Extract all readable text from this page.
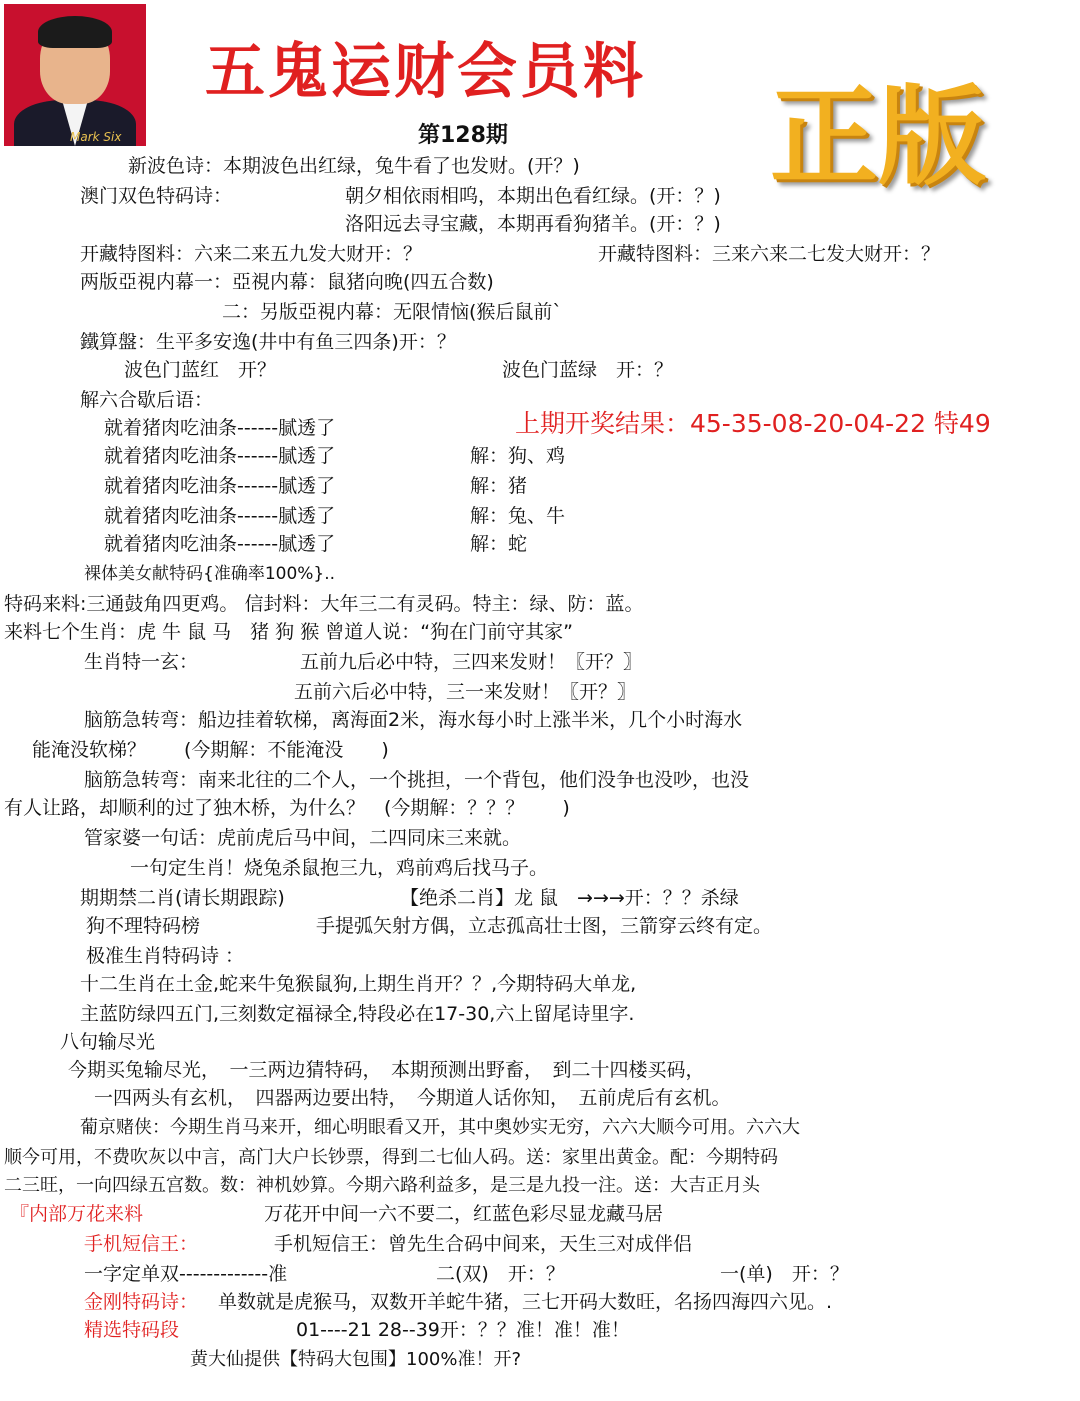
Mark Six
五鬼运财会员料
第128期 正版
上期开奖结果：45-35-08-20-04-22 特49
新波色诗：本期波色出红绿，兔牛看了也发财。(开？)
澳门双色特码诗：	朝夕相依雨相呜，本期出色看红绿。(开：？)
洛阳远去寻宝藏，本期再看狗猪羊。(开：？)
开藏特图料：六来二来五九发大财开：？	开藏特图料：三来六来二七发大财开：？
两版亞視内幕一：亞視内幕：鼠猪向晚(四五合数)
二：另版亞視内幕：无限情恼(猴后鼠前`
鐵算盤：生平多安逸(井中有鱼三四条)开：？
波色门蓝红　开？	波色门蓝绿　开：？
解六合歇后语：
就着猪肉吃油条------腻透了
就着猪肉吃油条------腻透了	解：狗、鸡
就着猪肉吃油条------腻透了	解：猪
就着猪肉吃油条------腻透了	解：兔、牛
就着猪肉吃油条------腻透了	解：蛇
裸体美女献特码{准确率100%}..
特码来料:三通鼓角四更鸡。 信封料：大年三二有灵码。特主：绿、防：蓝。
来料七个生肖：虎 牛 鼠 马　猪 狗 猴 曾道人说：“狗在门前守其家”
生肖特一玄：	五前九后必中特，三四来发财！〖开？〗
五前六后必中特，三一来发财！〖开？〗
脑筋急转弯：船边挂着软梯，离海面2米，海水每小时上涨半米，几个小时海水
能淹没软梯？　　(今期解：不能淹没　　)
脑筋急转弯：南来北往的二个人，一个挑担，一个背包，他们没争也没吵，也没
有人让路，却顺利的过了独木桥，为什么？　(今期解：？？？　　)
管家婆一句话：虎前虎后马中间，二四同床三来就。
一句定生肖！烧兔杀鼠抱三九，鸡前鸡后找马子。
期期禁二肖(请长期跟踪)	【绝杀二肖】龙 鼠　→→→开：？？杀绿
狗不理特码榜	手提弧矢射方偶，立志孤高壮士图，三箭穿云终有定。
极准生肖特码诗 ：
十二生肖在土金,蛇来牛兔猴鼠狗,上期生肖开？？,今期特码大单龙,
主蓝防绿四五门,三刻数定福禄全,特段必在17-30,六上留尾诗里字.
八句输尽光
今期买兔输尽光，　一三两边猜特码，　本期预测出野畜，　到二十四楼买码，
一四两头有玄机，　四器两边要出特，　今期道人话你知，　五前虎后有玄机。
葡京赌侠：今期生肖马来开，细心明眼看又开，其中奥妙实无穷，六六大顺今可用。六六大
顺今可用，不费吹灰以中言，高门大户长钞票，得到二七仙人码。送：家里出黄金。配：今期特码
二三旺，一向四绿五宫数。数：神机妙算。今期六路利益多，是三是九投一注。送：大吉正月头
『内部万花来料	万花开中间一六不要二，红蓝色彩尽显龙藏马居
手机短信王：	手机短信王：曾先生合码中间来，天生三对成伴侣
一字定单双-------------准	二(双)　开：？	一(单)　开：？
金刚特码诗： 单数就是虎猴马，双数开羊蛇牛猪，三七开码大数旺，名扬四海四六见。.
精选特码段	01----21 28--39开：？？准！准！准！
黄大仙提供【特码大包围】100%准！开?
